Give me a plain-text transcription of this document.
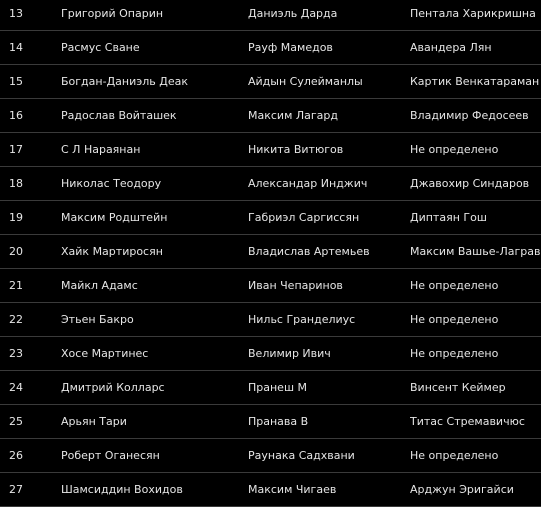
13	Григорий Опарин	Даниэль Дарда	Пентала Харикришна
14	Расмус Сване	Рауф Мамедов	Авандера Лян
15	Богдан-Даниэль Деак	Айдын Сулейманлы	Картик Венкатараман
16	Радослав Войташек	Максим Лагард	Владимир Федосеев
17	С Л Нараянан	Никита Витюгов	Не определено
18	Николас Теодору	Александар Инджич	Джавохир Синдаров
19	Максим Родштейн	Габриэл Саргиссян	Диптаян Гош
20	Хайк Мартиросян	Владислав Артемьев	Максим Вашье-Лаграв
21	Майкл Адамс	Иван Чепаринов	Не определено
22	Этьен Бакро	Нильс Гранделиус	Не определено
23	Хосе Мартинес	Велимир Ивич	Не определено
24	Дмитрий Колларс	Пранеш М	Винсент Кeймер
25	Арьян Тари	Пранава В	Титас Стремавичюс
26	Роберт Оганесян	Раунака Садхвани	Не определено
27	Шамсиддин Вохидов	Максим Чигаев	Арджун Эригайси
